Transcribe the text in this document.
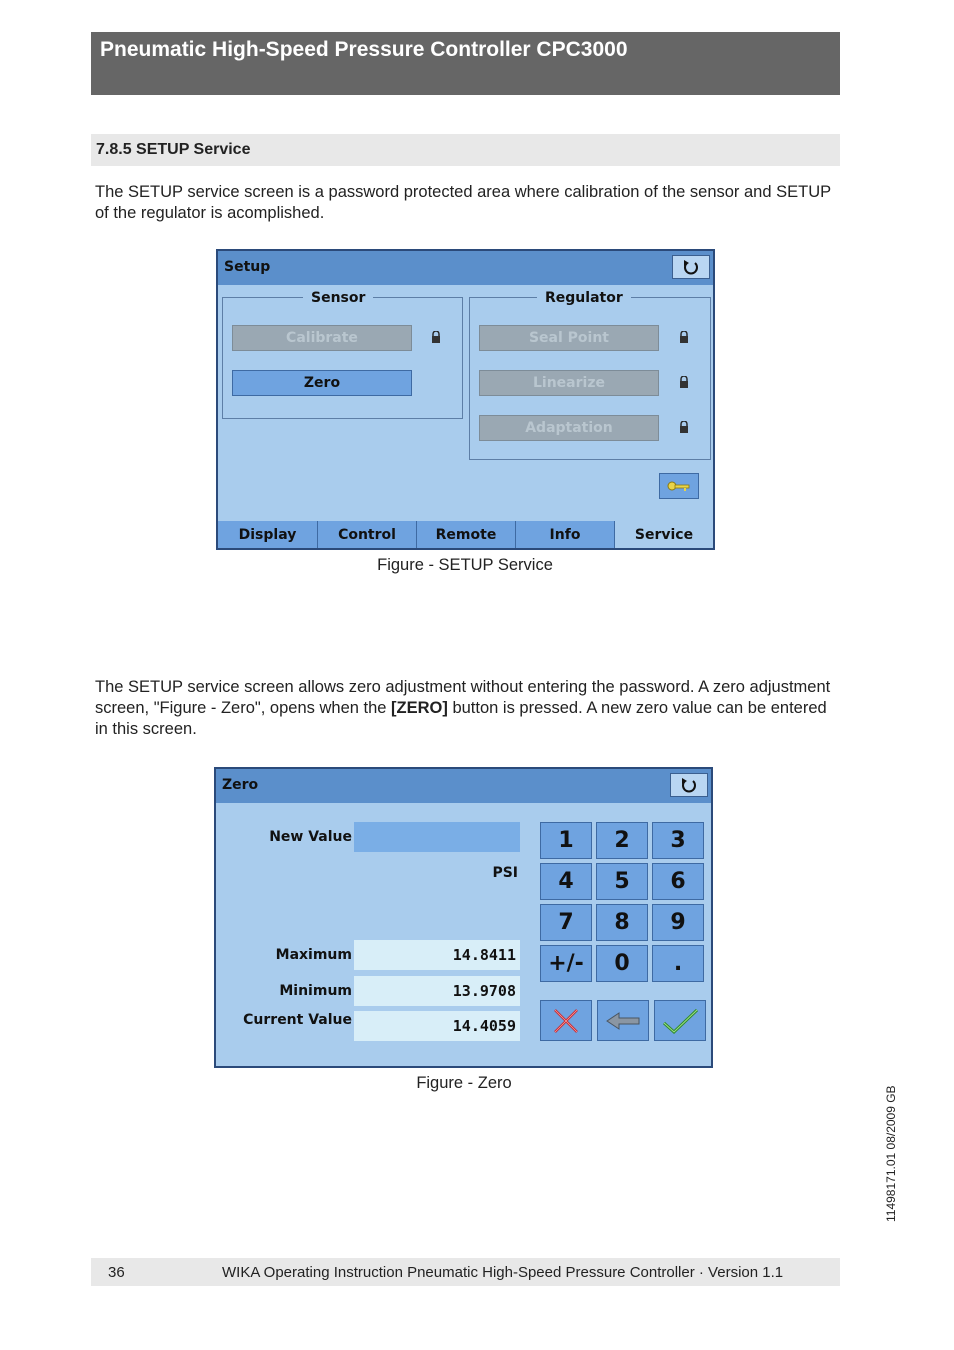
Pneumatic High-Speed Pressure Controller CPC3000
7.8.5 SETUP Service
The SETUP service screen is a password protected area where calibration of the sensor and SETUP of the regulator is acomplished.
Setup
Sensor
Calibrate
Zero
Regulator
Seal Point
Linearize
Adaptation
Display	Control	Remote	Info	Service
Figure - SETUP Service
The SETUP service screen allows zero adjustment without entering the password. A zero adjustment screen, "Figure - Zero", opens when the [ZERO] button is pressed. A new zero value can be entered in this screen.
Zero
New Value
PSI
Maximum	14.8411
Minimum	13.9708
Current Value	14.4059
1	2	3
4	5	6
7	8	9
+/-	0	.
Figure - Zero
11498171.01 08/2009 GB
36	WIKA Operating Instruction Pneumatic High-Speed Pressure Controller · Version 1.1
